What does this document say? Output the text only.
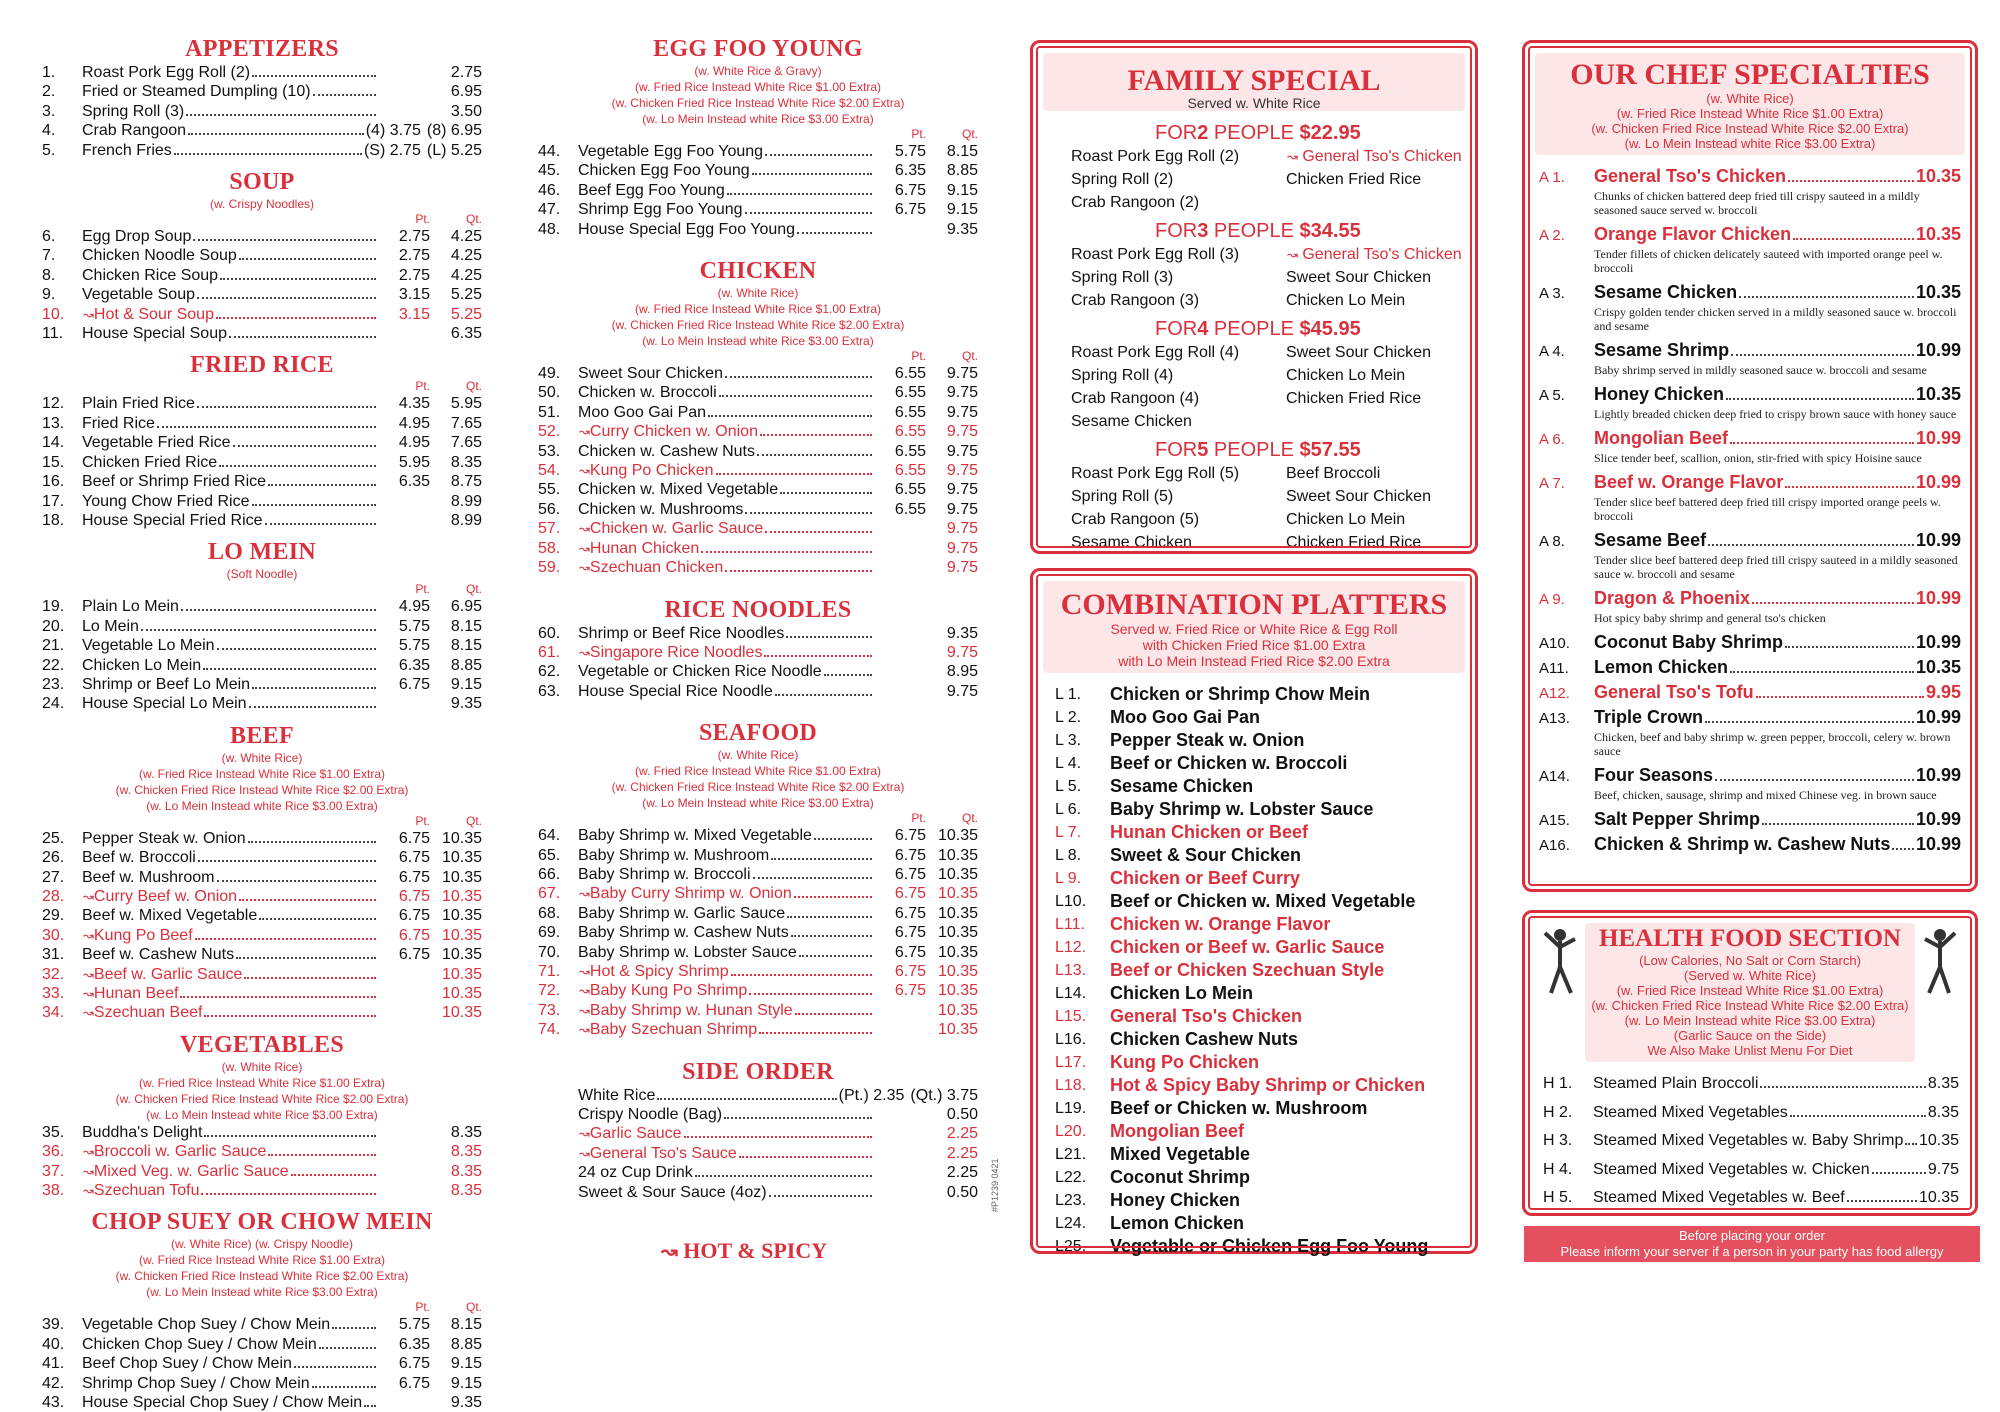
APPETIZERS
1.	Roast Pork Egg Roll (2)	2.75
2.	Fried or Steamed Dumpling (10)	6.95
3.	Spring Roll (3)	3.50
4.	Crab Rangoon	(4) 3.75 (8) 6.95
5.	French Fries	(S) 2.75 (L) 5.25
SOUP
(w. Crispy Noodles)
Pt.	Qt.
6.	Egg Drop Soup	2.75	4.25
7.	Chicken Noodle Soup	2.75	4.25
8.	Chicken Rice Soup	2.75	4.25
9.	Vegetable Soup	3.15	5.25
10.	↝ Hot & Sour Soup	3.15	5.25
11.	House Special Soup	6.35
FRIED RICE
Pt.	Qt.
12.	Plain Fried Rice	4.35	5.95
13.	Fried Rice	4.95	7.65
14.	Vegetable Fried Rice	4.95	7.65
15.	Chicken Fried Rice	5.95	8.35
16.	Beef or Shrimp Fried Rice	6.35	8.75
17.	Young Chow Fried Rice	8.99
18.	House Special Fried Rice	8.99
LO MEIN
(Soft Noodle)
Pt.	Qt.
19.	Plain Lo Mein	4.95	6.95
20.	Lo Mein	5.75	8.15
21.	Vegetable Lo Mein	5.75	8.15
22.	Chicken Lo Mein	6.35	8.85
23.	Shrimp or Beef Lo Mein	6.75	9.15
24.	House Special Lo Mein	9.35
BEEF
(w. White Rice)
(w. Fried Rice Instead White Rice $1.00 Extra)
(w. Chicken Fried Rice Instead White Rice $2.00 Extra)
(w. Lo Mein Instead white Rice $3.00 Extra)
Pt.	Qt.
25.	Pepper Steak w. Onion	6.75 10.35
26.	Beef w. Broccoli	6.75 10.35
27.	Beef w. Mushroom	6.75 10.35
28.	↝ Curry Beef w. Onion	6.75 10.35
29.	Beef w. Mixed Vegetable	6.75 10.35
30.	↝ Kung Po Beef	6.75 10.35
31.	Beef w. Cashew Nuts	6.75 10.35
32.	↝ Beef w. Garlic Sauce	10.35
33.	↝ Hunan Beef	10.35
34.	↝ Szechuan Beef	10.35
VEGETABLES
(w. White Rice)
(w. Fried Rice Instead White Rice $1.00 Extra)
(w. Chicken Fried Rice Instead White Rice $2.00 Extra)
(w. Lo Mein Instead white Rice $3.00 Extra)
35.	Buddha's Delight	8.35
36.	↝ Broccoli w. Garlic Sauce	8.35
37.	↝ Mixed Veg. w. Garlic Sauce	8.35
38.	↝ Szechuan Tofu	8.35
CHOP SUEY OR CHOW MEIN
(w. White Rice) (w. Crispy Noodle)
(w. Fried Rice Instead White Rice $1.00 Extra)
(w. Chicken Fried Rice Instead White Rice $2.00 Extra)
(w. Lo Mein Instead white Rice $3.00 Extra)
Pt.	Qt.
39.	Vegetable Chop Suey / Chow Mein	5.75	8.15
40.	Chicken Chop Suey / Chow Mein	6.35	8.85
41.	Beef Chop Suey / Chow Mein	6.75	9.15
42.	Shrimp Chop Suey / Chow Mein	6.75	9.15
43.	House Special Chop Suey / Chow Mein	9.35
EGG FOO YOUNG
(w. White Rice & Gravy)
(w. Fried Rice Instead White Rice $1.00 Extra)
(w. Chicken Fried Rice Instead White Rice $2.00 Extra)
(w. Lo Mein Instead white Rice $3.00 Extra)
Pt.	Qt.
44.	Vegetable Egg Foo Young	5.75	8.15
45.	Chicken Egg Foo Young	6.35	8.85
46.	Beef Egg Foo Young	6.75	9.15
47.	Shrimp Egg Foo Young	6.75	9.15
48.	House Special Egg Foo Young	9.35
CHICKEN
(w. White Rice)
(w. Fried Rice Instead White Rice $1.00 Extra)
(w. Chicken Fried Rice Instead White Rice $2.00 Extra)
(w. Lo Mein Instead white Rice $3.00 Extra)
Pt.	Qt.
49.	Sweet Sour Chicken	6.55	9.75
50.	Chicken w. Broccoli	6.55	9.75
51.	Moo Goo Gai Pan	6.55	9.75
52.	↝ Curry Chicken w. Onion	6.55	9.75
53.	Chicken w. Cashew Nuts	6.55	9.75
54.	↝ Kung Po Chicken	6.55	9.75
55.	Chicken w. Mixed Vegetable	6.55	9.75
56.	Chicken w. Mushrooms	6.55	9.75
57.	↝ Chicken w. Garlic Sauce	9.75
58.	↝ Hunan Chicken	9.75
59.	↝ Szechuan Chicken	9.75
RICE NOODLES
60.	Shrimp or Beef Rice Noodles	9.35
61.	↝ Singapore Rice Noodles	9.75
62.	Vegetable or Chicken Rice Noodle	8.95
63.	House Special Rice Noodle	9.75
SEAFOOD
(w. White Rice)
(w. Fried Rice Instead White Rice $1.00 Extra)
(w. Chicken Fried Rice Instead White Rice $2.00 Extra)
(w. Lo Mein Instead white Rice $3.00 Extra)
Pt.	Qt.
64.	Baby Shrimp w. Mixed Vegetable	6.75 10.35
65.	Baby Shrimp w. Mushroom	6.75 10.35
66.	Baby Shrimp w. Broccoli	6.75 10.35
67.	↝ Baby Curry Shrimp w. Onion	6.75 10.35
68.	Baby Shrimp w. Garlic Sauce	6.75 10.35
69.	Baby Shrimp w. Cashew Nuts	6.75 10.35
70.	Baby Shrimp w. Lobster Sauce	6.75 10.35
71.	↝ Hot & Spicy Shrimp	6.75 10.35
72.	↝ Baby Kung Po Shrimp	6.75 10.35
73.	↝ Baby Shrimp w. Hunan Style	10.35
74.	↝ Baby Szechuan Shrimp	10.35
SIDE ORDER
White Rice	(Pt.) 2.35 (Qt.) 3.75
Crispy Noodle (Bag)	0.50
↝ Garlic Sauce	2.25
↝ General Tso's Sauce	2.25
24 oz Cup Drink	2.25
Sweet & Sour Sauce (4oz)	0.50
↝ HOT & SPICY
#P1239 0421
FAMILY SPECIAL
Served w. White Rice
FOR2 PEOPLE $22.95
Roast Pork Egg Roll (2)	↝ General Tso's Chicken
Spring Roll (2)	Chicken Fried Rice
Crab Rangoon (2)
FOR3 PEOPLE $34.55
Roast Pork Egg Roll (3)	↝ General Tso's Chicken
Spring Roll (3)	Sweet Sour Chicken
Crab Rangoon (3)	Chicken Lo Mein
FOR4 PEOPLE $45.95
Roast Pork Egg Roll (4)	Sweet Sour Chicken
Spring Roll (4)	Chicken Lo Mein
Crab Rangoon (4)	Chicken Fried Rice
Sesame Chicken
FOR5 PEOPLE $57.55
Roast Pork Egg Roll (5)	Beef Broccoli
Spring Roll (5)	Sweet Sour Chicken
Crab Rangoon (5)	Chicken Lo Mein
Sesame Chicken	Chicken Fried Rice
COMBINATION PLATTERS
Served w. Fried Rice or White Rice & Egg Roll
with Chicken Fried Rice $1.00 Extra
with Lo Mein Instead Fried Rice $2.00 Extra
L 1.	Chicken or Shrimp Chow Mein
L 2.	Moo Goo Gai Pan
L 3.	Pepper Steak w. Onion
L 4.	Beef or Chicken w. Broccoli
L 5.	Sesame Chicken
L 6.	Baby Shrimp w. Lobster Sauce
L 7.	Hunan Chicken or Beef
L 8.	Sweet & Sour Chicken
L 9.	Chicken or Beef Curry
L10.	Beef or Chicken w. Mixed Vegetable
L11.	Chicken w. Orange Flavor
L12.	Chicken or Beef w. Garlic Sauce
L13.	Beef or Chicken Szechuan Style
L14.	Chicken Lo Mein
L15.	General Tso's Chicken
L16.	Chicken Cashew Nuts
L17.	Kung Po Chicken
L18.	Hot & Spicy Baby Shrimp or Chicken
L19.	Beef or Chicken w. Mushroom
L20.	Mongolian Beef
L21.	Mixed Vegetable
L22.	Coconut Shrimp
L23.	Honey Chicken
L24.	Lemon Chicken
L25.	Vegetable or Chicken Egg Foo Young
OUR CHEF SPECIALTIES
(w. White Rice)
(w. Fried Rice Instead White Rice $1.00 Extra)
(w. Chicken Fried Rice Instead White Rice $2.00 Extra)
(w. Lo Mein Instead white Rice $3.00 Extra)
A 1.	General Tso's Chicken	10.35
Chunks of chicken battered deep fried till crispy sauteed in a mildly seasoned sauce served w. broccoli
A 2.	Orange Flavor Chicken	10.35
Tender fillets of chicken delicately sauteed with imported orange peel w. broccoli
A 3.	Sesame Chicken	10.35
Crispy golden tender chicken served in a mildly seasoned sauce w. broccoli and sesame
A 4.	Sesame Shrimp	10.99
Baby shrimp served in mildly seasoned sauce w. broccoli and sesame
A 5.	Honey Chicken	10.35
Lightly breaded chicken deep fried to crispy brown sauce with honey sauce
A 6.	Mongolian Beef	10.99
Slice tender beef, scallion, onion, stir-fried with spicy Hoisine sauce
A 7.	Beef w. Orange Flavor	10.99
Tender slice beef battered deep fried till crispy imported orange peels w. broccoli
A 8.	Sesame Beef	10.99
Tender slice beef battered deep fried till crispy sauteed in a mildly seasoned sauce w. broccoli and sesame
A 9.	Dragon & Phoenix	10.99
Hot spicy baby shrimp and general tso's chicken
A10.	Coconut Baby Shrimp	10.99
A11.	Lemon Chicken	10.35
A12.	General Tso's Tofu	9.95
A13.	Triple Crown	10.99
Chicken, beef and baby shrimp w. green pepper, broccoli, celery w. brown sauce
A14.	Four Seasons	10.99
Beef, chicken, sausage, shrimp and mixed Chinese veg. in brown sauce
A15.	Salt Pepper Shrimp	10.99
A16.	Chicken & Shrimp w. Cashew Nuts 10.99
HEALTH FOOD SECTION
(Low Calories, No Salt or Corn Starch)
(Served w. White Rice)
(w. Fried Rice Instead White Rice $1.00 Extra)
(w. Chicken Fried Rice Instead White Rice $2.00 Extra)
(w. Lo Mein Instead white Rice $3.00 Extra)
(Garlic Sauce on the Side)
We Also Make Unlist Menu For Diet
H 1.	Steamed Plain Broccoli	8.35
H 2.	Steamed Mixed Vegetables	8.35
H 3.	Steamed Mixed Vegetables w. Baby Shrimp 10.35
H 4.	Steamed Mixed Vegetables w. Chicken	9.75
H 5.	Steamed Mixed Vegetables w. Beef	10.35
Before placing your order
Please inform your server if a person in your party has food allergy
